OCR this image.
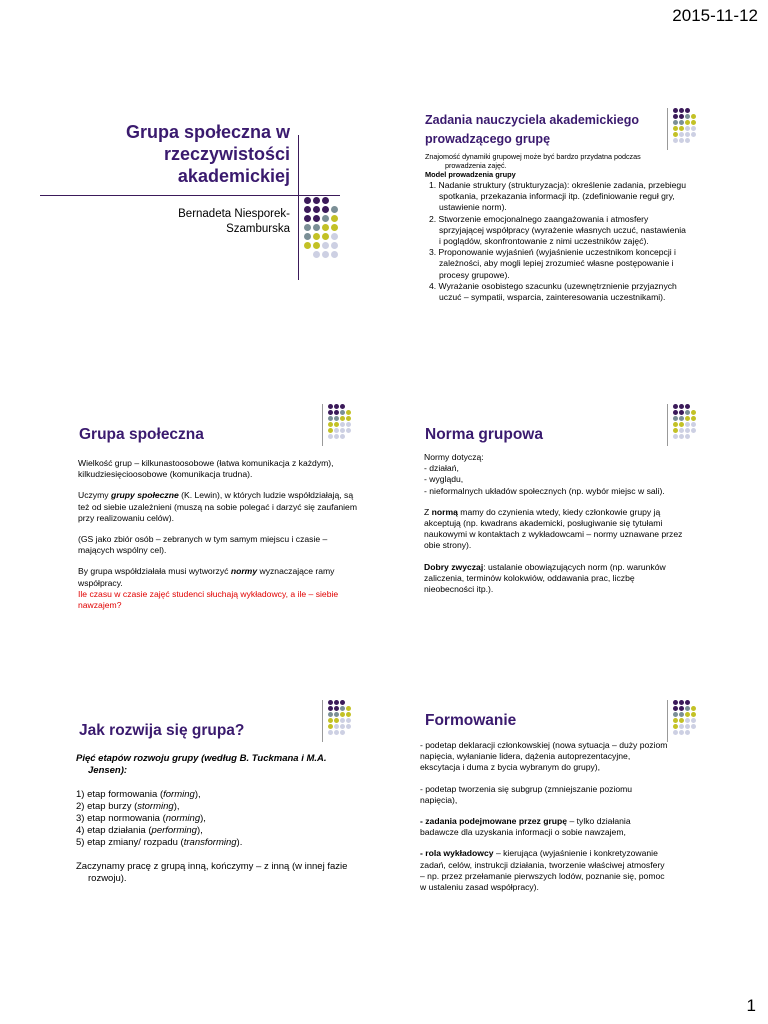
2015-11-12
1
Grupa społeczna w
rzeczywistości
akademickiej
Bernadeta Niesporek-
Szamburska
Zadania nauczyciela akademickiego
prowadzącego grupę
Znajomość dynamiki grupowej może być bardzo przydatna podczas
prowadzenia zajęć.
Model prowadzenia grupy
1. Nadanie struktury (strukturyzacja): określenie zadania, przebiegu spotkania, przekazania informacji itp. (zdefiniowanie reguł gry, ustawienie norm).
2. Stworzenie emocjonalnego zaangażowania i atmosfery sprzyjającej współpracy (wyrażenie własnych uczuć, nastawienia i poglądów, skonfrontowanie z nimi uczestników zajęć).
3. Proponowanie wyjaśnień (wyjaśnienie uczestnikom koncepcji i zależności, aby mogli lepiej zrozumieć własne postępowanie i procesy grupowe).
4. Wyrażanie osobistego szacunku (uzewnętrznienie przyjaznych uczuć – sympatii, wsparcia, zainteresowania uczestnikami).
Grupa społeczna

Wielkość grup – kilkunastoosobowe (łatwa komunikacja z każdym), kilkudziesięcioosobowe (komunikacja trudna).

Uczymy grupy społeczne (K. Lewin), w których ludzie współdziałają, są też od siebie uzależnieni (muszą na sobie polegać i darzyć się zaufaniem przy realizowaniu celów).

(GS jako zbiór osób – zebranych w tym samym miejscu i czasie – mających wspólny cel).

By grupa współdziałała musi wytworzyć normy wyznaczające ramy współpracy.

Ile czasu w czasie zajęć studenci słuchają wykładowcy, a ile – siebie nawzajem?

Norma grupowa
Normy dotyczą:
- działań,
- wyglądu,
- nieformalnych układów społecznych (np. wybór miejsc w sali).

Z normą mamy do czynienia wtedy, kiedy członkowie grupy ją akceptują (np. kwadrans akademicki, posługiwanie się tytułami naukowymi w kontaktach z wykładowcami – normy uznawane przez obie strony).

Dobry zwyczaj: ustalanie obowiązujących norm (np. warunków zaliczenia, terminów kolokwiów, oddawania prac, liczbę nieobecności itp.).

Jak rozwija się grupa?
Pięć etapów rozwoju grupy (według B. Tuckmana i M.A. Jensen):
1) etap formowania (forming),
2) etap burzy (storming),
3) etap normowania (norming),
4) etap działania (performing),
5) etap zmiany/ rozpadu (transforming).
Zaczynamy pracę z grupą inną, kończymy – z inną (w innej fazie rozwoju).
Formowanie

- podetap deklaracji członkowskiej (nowa sytuacja – duży poziom napięcia, wyłanianie lidera, dążenia autoprezentacyjne, ekscytacja i duma z bycia wybranym do grupy),

- podetap tworzenia się subgrup (zmniejszanie poziomu napięcia),

- zadania podejmowane przez grupę – tylko działania badawcze dla uzyskania informacji o sobie nawzajem,

- rola wykładowcy – kierująca (wyjaśnienie i konkretyzowanie zadań, celów, instrukcji działania, tworzenie właściwej atmosfery – np. przez przełamanie pierwszych lodów, poznanie się, pomoc w ustaleniu zasad współpracy).
